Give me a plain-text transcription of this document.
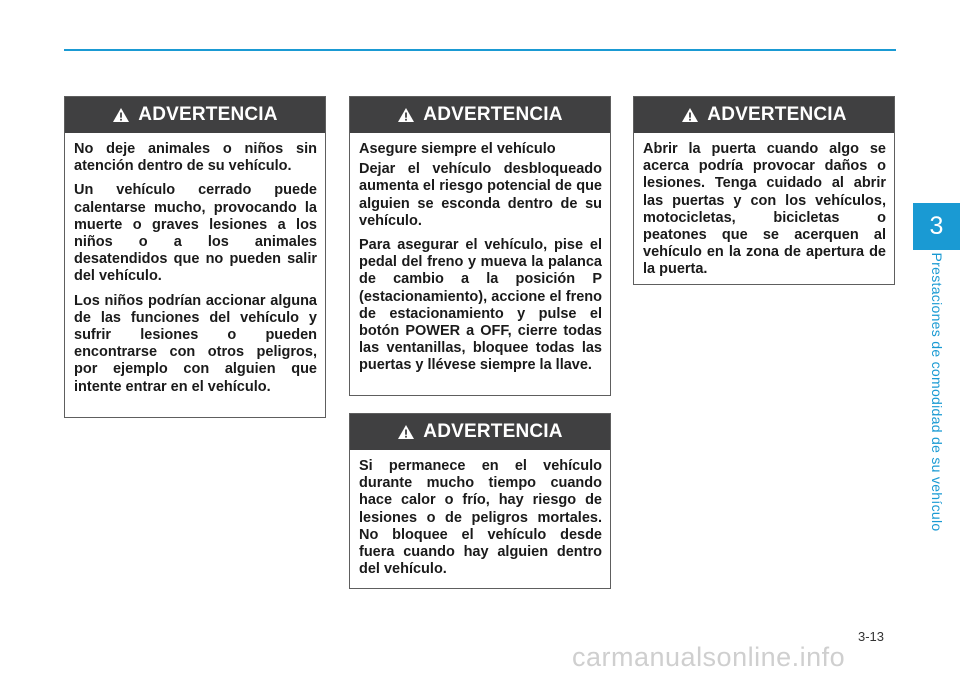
ADVERTENCIA

No deje animales o niños sin atención dentro de su vehículo.

Un vehículo cerrado puede calentarse mucho, provocando la muerte o graves lesiones a los niños o a los animales desatendidos que no pueden salir del vehículo.

Los niños podrían accionar alguna de las funciones del vehículo y sufrir lesiones o pueden encontrarse con otros peligros, por ejemplo con alguien que intente entrar en el vehículo.

ADVERTENCIA

Asegure siempre el vehículo

Dejar el vehículo desbloqueado aumenta el riesgo potencial de que alguien se esconda dentro de su vehículo.

Para asegurar el vehículo, pise el pedal del freno y mueva la palanca de cambio a la posición P (estacionamiento), accione el freno de estacionamiento y pulse el botón POWER a OFF, cierre todas las ventanillas, bloquee todas las puertas y llévese siempre la llave.

ADVERTENCIA

Abrir la puerta cuando algo se acerca podría provocar daños o lesiones. Tenga cuidado al abrir las puertas y con los vehículos, motocicletas, bicicletas o peatones que se acerquen al vehículo en la zona de apertura de la puerta.

ADVERTENCIA

Si permanece en el vehículo durante mucho tiempo cuando hace calor o frío, hay riesgo de lesiones o de peligros mortales. No bloquee el vehículo desde fuera cuando hay alguien dentro del vehículo.

3
Prestaciones de comodidad de su vehículo
3-13
carmanualsonline.info
